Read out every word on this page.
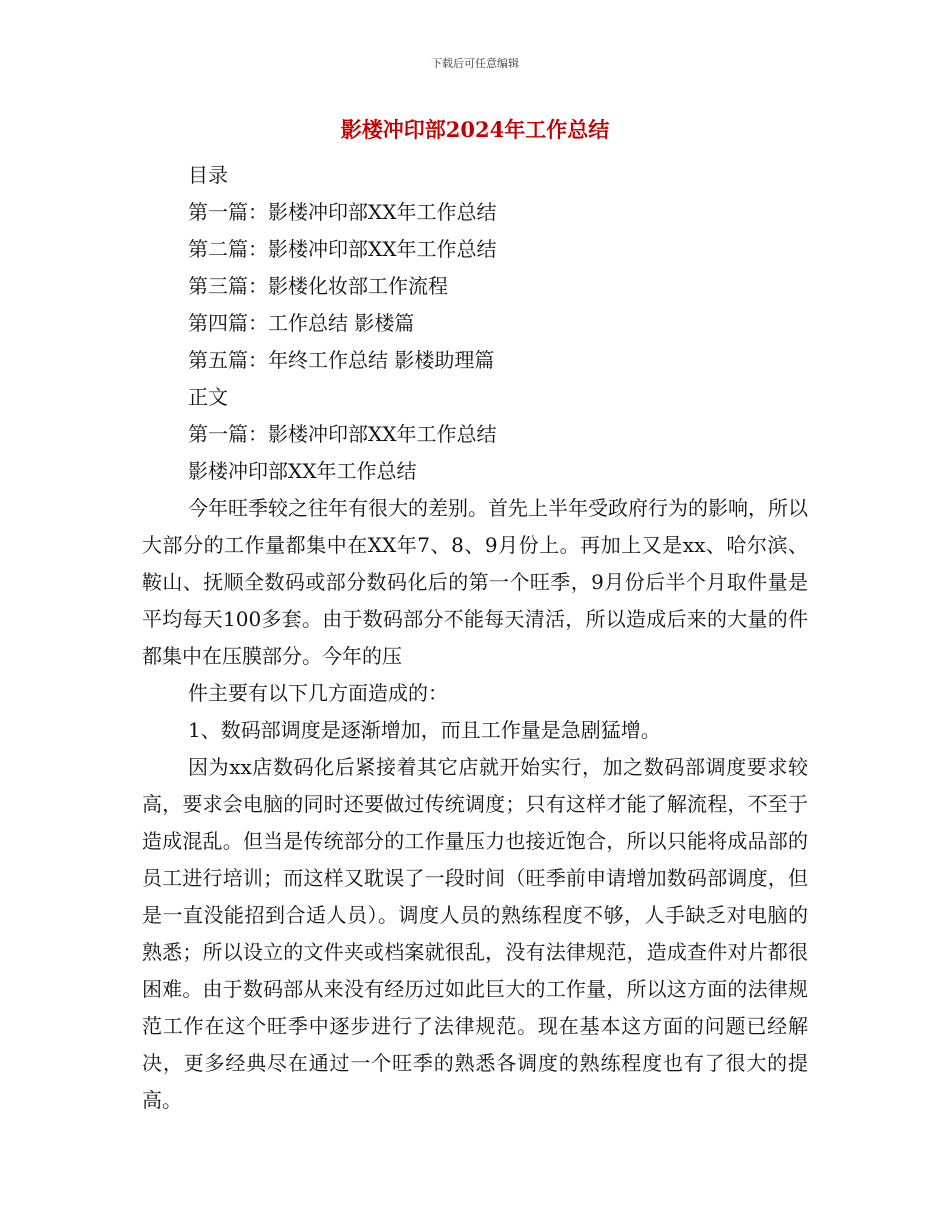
下载后可任意编辑
影楼冲印部2024年工作总结
目录
第一篇：影楼冲印部XX年工作总结
第二篇：影楼冲印部XX年工作总结
第三篇：影楼化妆部工作流程
第四篇：工作总结 影楼篇
第五篇：年终工作总结 影楼助理篇
正文
第一篇：影楼冲印部XX年工作总结
影楼冲印部XX年工作总结

今年旺季较之往年有很大的差别。首先上半年受政府行为的影响，所以大部分的工作量都集中在XX年7、8、9月份上。再加上又是xx、哈尔滨、鞍山、抚顺全数码或部分数码化后的第一个旺季，9月份后半个月取件量是平均每天100多套。由于数码部分不能每天清活，所以造成后来的大量的件都集中在压膜部分。今年的压

件主要有以下几方面造成的：

1、数码部调度是逐渐增加，而且工作量是急剧猛增。

因为xx店数码化后紧接着其它店就开始实行，加之数码部调度要求较高，要求会电脑的同时还要做过传统调度；只有这样才能了解流程，不至于造成混乱。但当是传统部分的工作量压力也接近饱合，所以只能将成品部的员工进行培训；而这样又耽误了一段时间（旺季前申请增加数码部调度，但是一直没能招到合适人员）。调度人员的熟练程度不够，人手缺乏对电脑的熟悉；所以设立的文件夹或档案就很乱，没有法律规范，造成查件对片都很困难。由于数码部从来没有经历过如此巨大的工作量，所以这方面的法律规范工作在这个旺季中逐步进行了法律规范。现在基本这方面的问题已经解决，更多经典尽在通过一个旺季的熟悉各调度的熟练程度也有了很大的提高。
